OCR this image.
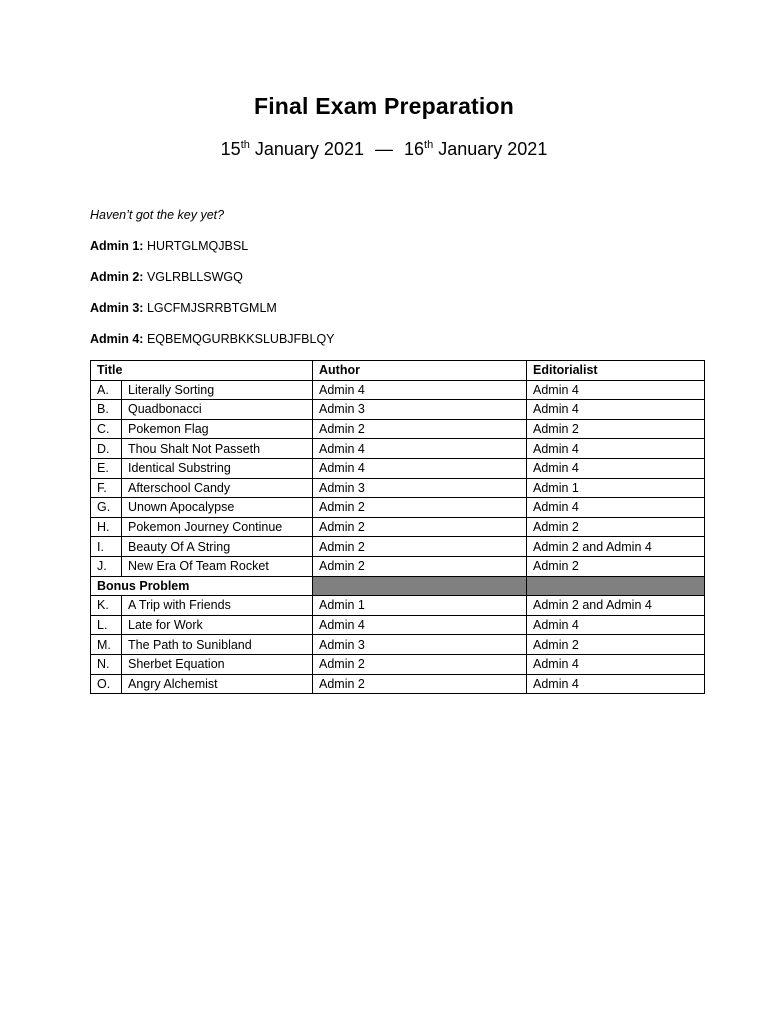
Final Exam Preparation
15th January 2021 — 16th January 2021
Haven’t got the key yet?
Admin 1: HURTGLMQJBSL
Admin 2: VGLRBLLSWGQ
Admin 3: LGCFMJSRRBTGMLM
Admin 4: EQBEMQGURBKKSLUBJFBLQY
Title		Author	Editorialist
A.	Literally Sorting	Admin 4	Admin 4
B.	Quadbonacci	Admin 3	Admin 4
C.	Pokemon Flag	Admin 2	Admin 2
D.	Thou Shalt Not Passeth	Admin 4	Admin 4
E.	Identical Substring	Admin 4	Admin 4
F.	Afterschool Candy	Admin 3	Admin 1
G.	Unown Apocalypse	Admin 2	Admin 4
H.	Pokemon Journey Continue	Admin 2	Admin 2
I.	Beauty Of A String	Admin 2	Admin 2 and Admin 4
J.	New Era Of Team Rocket	Admin 2	Admin 2
Bonus Problem			
K.	A Trip with Friends	Admin 1	Admin 2 and Admin 4
L.	Late for Work	Admin 4	Admin 4
M.	The Path to Sunibland	Admin 3	Admin 2
N.	Sherbet Equation	Admin 2	Admin 4
O.	Angry Alchemist	Admin 2	Admin 4
